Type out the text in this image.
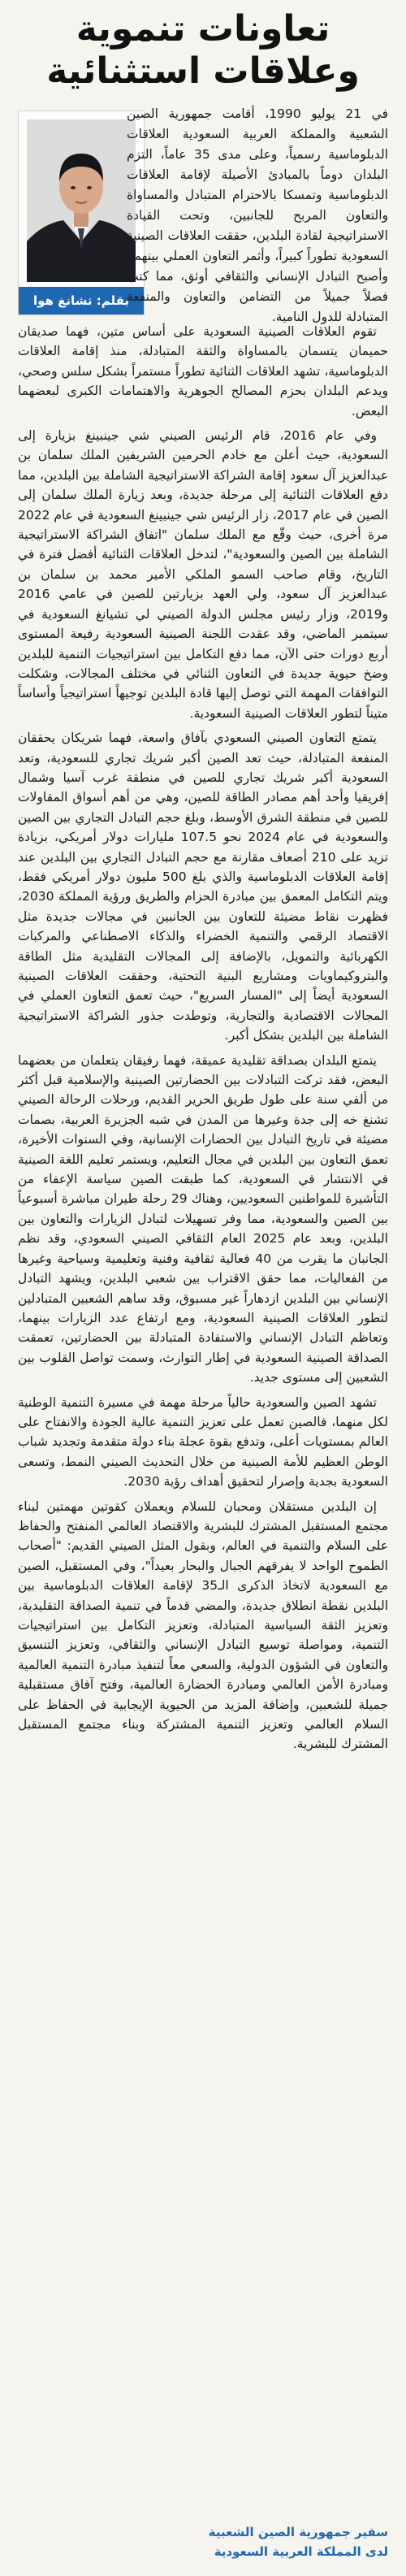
تعاونات تنموية
وعلاقات استثنائية
بقلم: تشانغ هوا
في 21 يوليو 1990، أقامت جمهورية الصين الشعبية والمملكة العربية السعودية العلاقات الدبلوماسية رسمياً، وعلى مدى 35 عاماً، التزم البلدان دوماً بالمبادئ الأصيلة لإقامة العلاقات الدبلوماسية وتمسكا بالاحترام المتبادل والمساواة والتعاون المربح للجانبين، وتحت القيادة الاستراتيجية لقادة البلدين، حققت العلاقات الصينية السعودية تطوراً كبيراً، وأثمر التعاون العملي بينهما، وأصبح التبادل الإنساني والثقافي أوثق، مما كتب فصلاً جميلاً من التضامن والتعاون والمنفعة المتبادلة للدول النامية.

تقوم العلاقات الصينية السعودية على أساس متين، فهما صديقان حميمان يتسمان بالمساواة والثقة المتبادلة، منذ إقامة العلاقات الدبلوماسية، تشهد العلاقات الثنائية تطوراً مستمراً بشكل سلس وصحي، ويدعم البلدان بحزم المصالح الجوهرية والاهتمامات الكبرى لبعضهما البعض.

وفي عام 2016، قام الرئيس الصيني شي جينبينغ بزيارة إلى السعودية، حيث أعلن مع خادم الحرمين الشريفين الملك سلمان بن عبدالعزيز آل سعود إقامة الشراكة الاستراتيجية الشاملة بين البلدين، مما دفع العلاقات الثنائية إلى مرحلة جديدة، وبعد زيارة الملك سلمان إلى الصين في عام 2017، زار الرئيس شي جينبينغ السعودية في عام 2022 مرة أخرى، حيث وقّع مع الملك سلمان "اتفاق الشراكة الاستراتيجية الشاملة بين الصين والسعودية"، لتدخل العلاقات الثنائية أفضل فترة في التاريخ، وقام صاحب السمو الملكي الأمير محمد بن سلمان بن عبدالعزيز آل سعود، ولي العهد بزيارتين للصين في عامي 2016 و2019، وزار رئيس مجلس الدولة الصيني لي تشيانغ السعودية في سبتمبر الماضي، وقد عقدت اللجنة الصينية السعودية رفيعة المستوى أربع دورات حتى الآن، مما دفع التكامل بين استراتيجيات التنمية للبلدين وضخ حيوية جديدة في التعاون الثنائي في مختلف المجالات، وشكلت التوافقات المهمة التي توصل إليها قادة البلدين توجيهاً استراتيجياً وأساساً متيناً لتطور العلاقات الصينية السعودية.

يتمتع التعاون الصيني السعودي بآفاق واسعة، فهما شريكان يحققان المنفعة المتبادلة، حيث تعد الصين أكبر شريك تجاري للسعودية، وتعد السعودية أكبر شريك تجاري للصين في منطقة غرب آسيا وشمال إفريقيا وأحد أهم مصادر الطاقة للصين، وهي من أهم أسواق المقاولات للصين في منطقة الشرق الأوسط، وبلغ حجم التبادل التجاري بين الصين والسعودية في عام 2024 نحو 107.5 مليارات دولار أمريكي، بزيادة تزيد على 210 أضعاف مقارنة مع حجم التبادل التجاري بين البلدين عند إقامة العلاقات الدبلوماسية والذي بلغ 500 مليون دولار أمريكي فقط، ويتم التكامل المعمق بين مبادرة الحزام والطريق ورؤية المملكة 2030، فظهرت نقاط مضيئة للتعاون بين الجانبين في مجالات جديدة مثل الاقتصاد الرقمي والتنمية الخضراء والذكاء الاصطناعي والمركبات الكهربائية والتمويل، بالإضافة إلى المجالات التقليدية مثل الطاقة والبتروكيماويات ومشاريع البنية التحتية، وحققت العلاقات الصينية السعودية أيضاً إلى "المسار السريع"، حيث تعمق التعاون العملي في المجالات الاقتصادية والتجارية، وتوطدت جذور الشراكة الاستراتيجية الشاملة بين البلدين بشكل أكبر.

يتمتع البلدان بصداقة تقليدية عميقة، فهما رفيقان يتعلمان من بعضهما البعض، فقد تركت التبادلات بين الحضارتين الصينية والإسلامية قبل أكثر من ألفي سنة على طول طريق الحرير القديم، ورحلات الرحالة الصيني تشنغ خه إلى جدة وغيرها من المدن في شبه الجزيرة العربية، بصمات مضيئة في تاريخ التبادل بين الحضارات الإنسانية، وفي السنوات الأخيرة، تعمق التعاون بين البلدين في مجال التعليم، ويستمر تعليم اللغة الصينية في الانتشار في السعودية، كما طبقت الصين سياسة الإعفاء من التأشيرة للمواطنين السعوديين، وهناك 29 رحلة طيران مباشرة أسبوعياً بين الصين والسعودية، مما وفر تسهيلات لتبادل الزيارات والتعاون بين البلدين، وبعد عام 2025 العام الثقافي الصيني السعودي، وقد نظم الجانبان ما يقرب من 40 فعالية ثقافية وفنية وتعليمية وسياحية وغيرها من الفعاليات، مما حقق الاقتراب بين شعبي البلدين، ويشهد التبادل الإنساني بين البلدين ازدهاراً غير مسبوق، وقد ساهم الشعبين المتبادلين لتطور العلاقات الصينية السعودية، ومع ارتفاع عدد الزيارات بينهما، وتعاظم التبادل الإنساني والاستفادة المتبادلة بين الحضارتين، تعمقت الصداقة الصينية السعودية في إطار التوارث، وسمت تواصل القلوب بين الشعبين إلى مستوى جديد.

تشهد الصين والسعودية حالياً مرحلة مهمة في مسيرة التنمية الوطنية لكل منهما، فالصين تعمل على تعزيز التنمية عالية الجودة والانفتاح على العالم بمستويات أعلى، وتدفع بقوة عجلة بناء دولة متقدمة وتجديد شباب الوطن العظيم للأمة الصينية من خلال التحديث الصيني النمط، وتسعى السعودية بجدية وإصرار لتحقيق أهداف رؤية 2030.

إن البلدين مستقلان ومحبان للسلام ويعملان كقوتين مهمتين لبناء مجتمع المستقبل المشترك للبشرية والاقتصاد العالمي المنفتح والحفاظ على السلام والتنمية في العالم، وبقول المثل الصيني القديم: "أصحاب الطموح الواحد لا يفرقهم الجبال والبحار بعيداً"، وفي المستقبل، الصين مع السعودية لاتخاذ الذكرى الـ35 لإقامة العلاقات الدبلوماسية بين البلدين نقطة انطلاق جديدة، والمضي قدماً في تنمية الصداقة التقليدية، وتعزيز الثقة السياسية المتبادلة، وتعزيز التكامل بين استراتيجيات التنمية، ومواصلة توسيع التبادل الإنساني والثقافي، وتعزيز التنسيق والتعاون في الشؤون الدولية، والسعي معاً لتنفيذ مبادرة التنمية العالمية ومبادرة الأمن العالمي ومبادرة الحضارة العالمية، وفتح آفاق مستقبلية جميلة للشعبين، وإضافة المزيد من الحيوية الإيجابية في الحفاظ على السلام العالمي وتعزيز التنمية المشتركة وبناء مجتمع المستقبل المشترك للبشرية.

سفير جمهورية الصين الشعبية
لدى المملكة العربية السعودية
